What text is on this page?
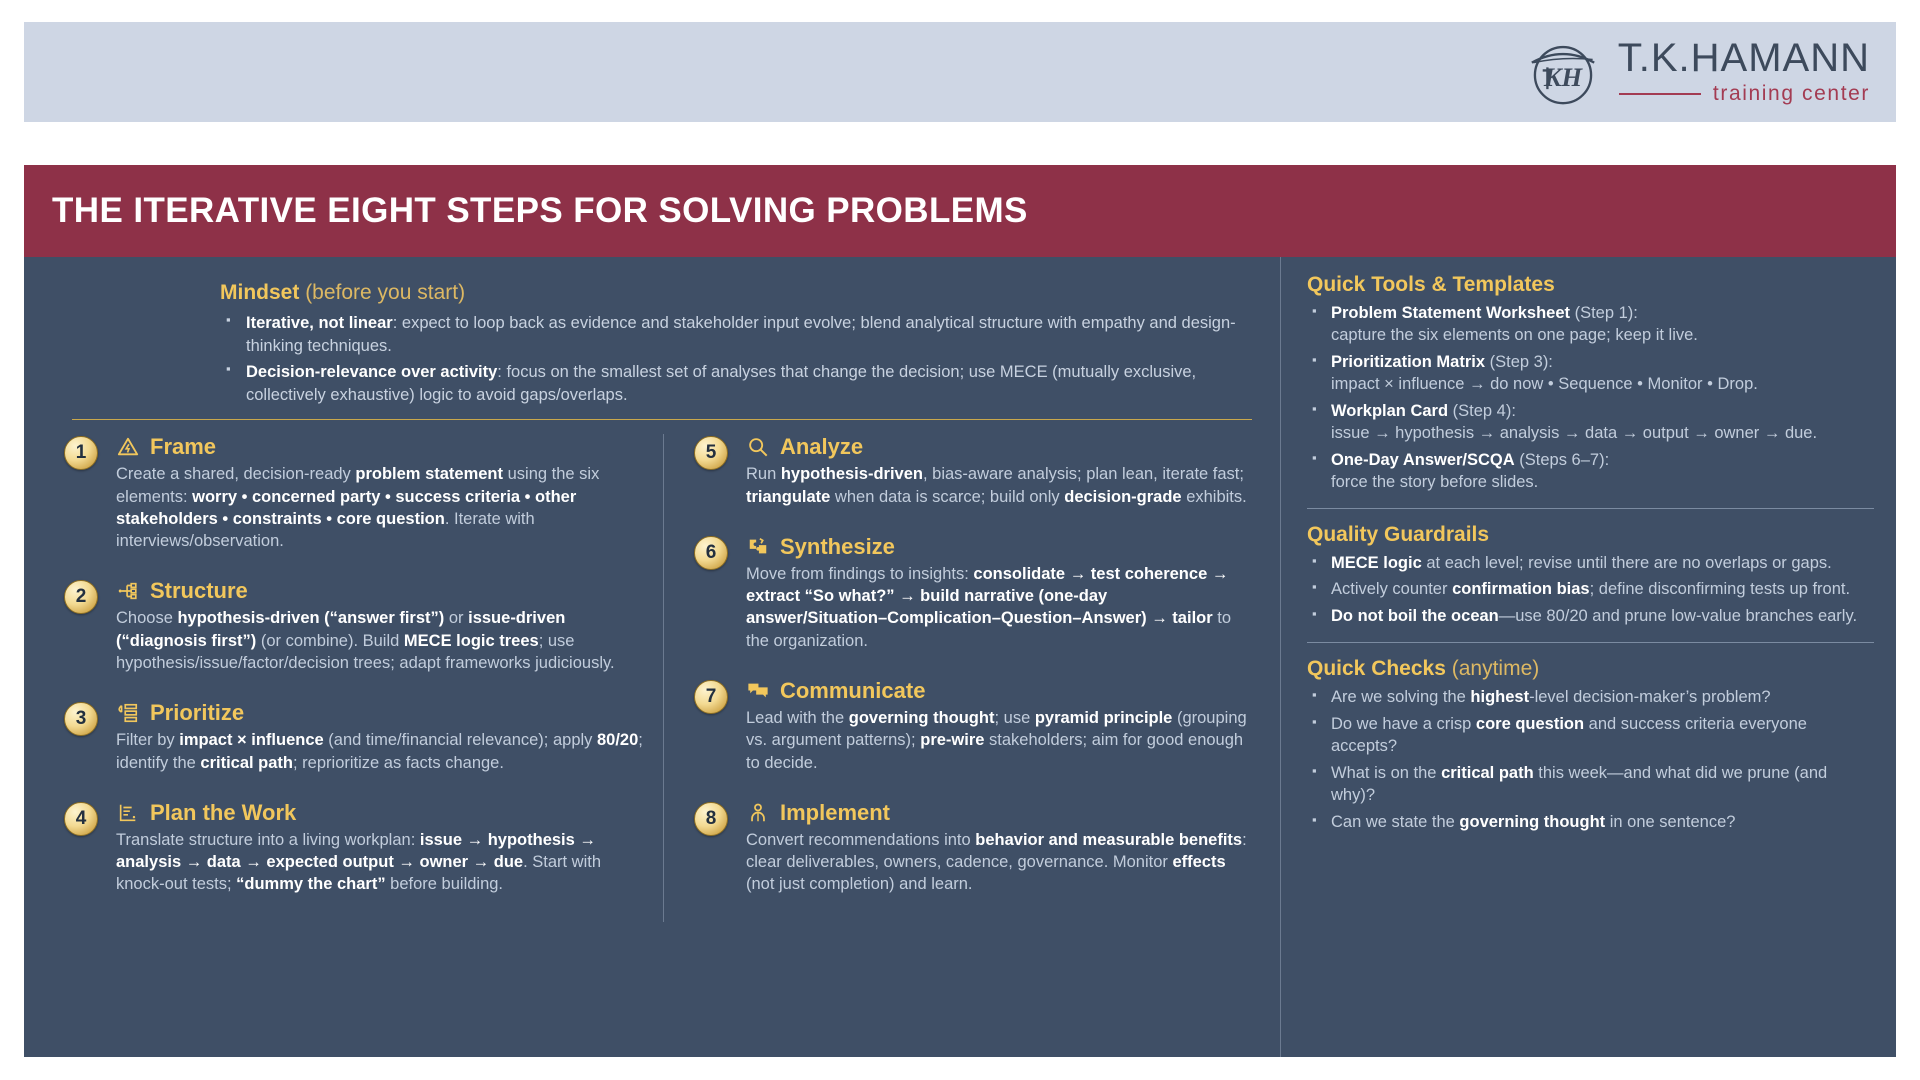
KH T.K.HAMANN
training center
THE ITERATIVE EIGHT STEPS FOR SOLVING PROBLEMS
Mindset (before you start)
▪ Iterative, not linear: expect to loop back as evidence and stakeholder input evolve; blend analytical structure with empathy and design-thinking techniques.
▪ Decision-relevance over activity: focus on the smallest set of analyses that change the decision; use MECE (mutually exclusive, collectively exhaustive) logic to avoid gaps/overlaps.
1	Frame
Create a shared, decision-ready problem statement using the six elements: worry • concerned party • success criteria • other stakeholders • constraints • core question. Iterate with interviews/observation.
2	Structure
Choose hypothesis-driven (“answer first”) or issue-driven (“diagnosis first”) (or combine). Build MECE logic trees; use hypothesis/issue/factor/decision trees; adapt frameworks judiciously.
3	Prioritize
Filter by impact × influence (and time/financial relevance); apply 80/20; identify the critical path; reprioritize as facts change.
4	Plan the Work
Translate structure into a living workplan: issue → hypothesis → analysis → data → expected output → owner → due. Start with knock-out tests; “dummy the chart” before building.
5	Analyze
Run hypothesis-driven, bias-aware analysis; plan lean, iterate fast; triangulate when data is scarce; build only decision-grade exhibits.
6	Synthesize
Move from findings to insights: consolidate → test coherence → extract “So what?” → build narrative (one-day answer/Situation–Complication–Question–Answer) → tailor to the organization.
7	Communicate
Lead with the governing thought; use pyramid principle (grouping vs. argument patterns); pre-wire stakeholders; aim for good enough to decide.
8	Implement
Convert recommendations into behavior and measurable benefits: clear deliverables, owners, cadence, governance. Monitor effects (not just completion) and learn.
Quick Tools & Templates
▪ Problem Statement Worksheet (Step 1):
capture the six elements on one page; keep it live.
▪ Prioritization Matrix (Step 3):
impact × influence → do now • Sequence • Monitor • Drop.
▪ Workplan Card (Step 4):
issue → hypothesis → analysis → data → output → owner → due.
▪ One-Day Answer/SCQA (Steps 6–7):
force the story before slides.
Quality Guardrails
▪ MECE logic at each level; revise until there are no overlaps or gaps.
▪ Actively counter confirmation bias; define disconfirming tests up front.
▪ Do not boil the ocean—use 80/20 and prune low-value branches early.
Quick Checks (anytime)
▪ Are we solving the highest-level decision-maker’s problem?
▪ Do we have a crisp core question and success criteria everyone accepts?
▪ What is on the critical path this week—and what did we prune (and why)?
▪ Can we state the governing thought in one sentence?
